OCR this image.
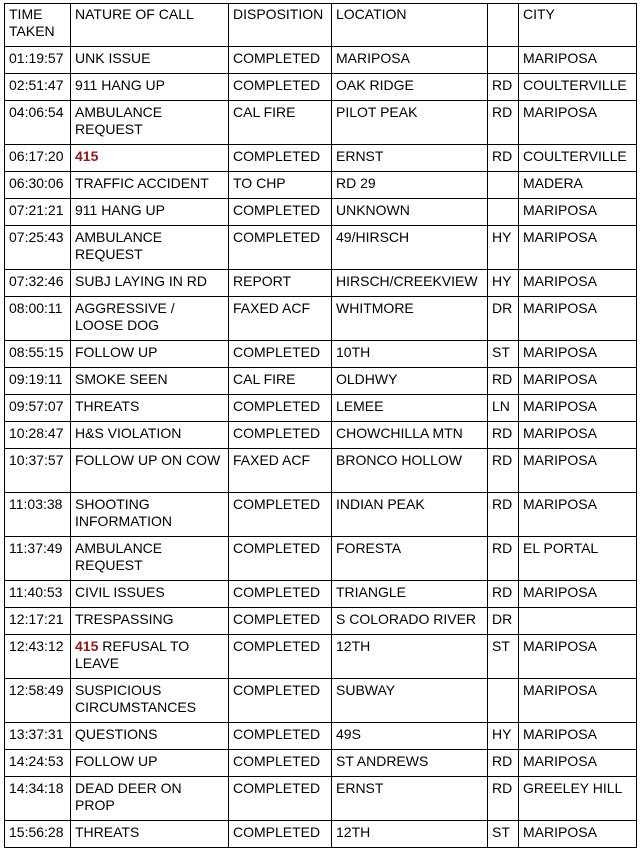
TIME TAKEN	NATURE OF CALL	DISPOSITION	LOCATION		CITY
01:19:57	UNK ISSUE	COMPLETED	MARIPOSA		MARIPOSA
02:51:47	911 HANG UP	COMPLETED	OAK RIDGE	RD	COULTERVILLE
04:06:54	AMBULANCE REQUEST	CAL FIRE	PILOT PEAK	RD	MARIPOSA
06:17:20	415	COMPLETED	ERNST	RD	COULTERVILLE
06:30:06	TRAFFIC ACCIDENT	TO CHP	RD 29		MADERA
07:21:21	911 HANG UP	COMPLETED	UNKNOWN		MARIPOSA
07:25:43	AMBULANCE REQUEST	COMPLETED	49/HIRSCH	HY	MARIPOSA
07:32:46	SUBJ LAYING IN RD	REPORT	HIRSCH/CREEKVIEW	HY	MARIPOSA
08:00:11	AGGRESSIVE / LOOSE DOG	FAXED ACF	WHITMORE	DR	MARIPOSA
08:55:15	FOLLOW UP	COMPLETED	10TH	ST	MARIPOSA
09:19:11	SMOKE SEEN	CAL FIRE	OLDHWY	RD	MARIPOSA
09:57:07	THREATS	COMPLETED	LEMEE	LN	MARIPOSA
10:28:47	H&S VIOLATION	COMPLETED	CHOWCHILLA MTN	RD	MARIPOSA
10:37:57	FOLLOW UP ON COW	FAXED ACF	BRONCO HOLLOW	RD	MARIPOSA
11:03:38	SHOOTING INFORMATION	COMPLETED	INDIAN PEAK	RD	MARIPOSA
11:37:49	AMBULANCE REQUEST	COMPLETED	FORESTA	RD	EL PORTAL
11:40:53	CIVIL ISSUES	COMPLETED	TRIANGLE	RD	MARIPOSA
12:17:21	TRESPASSING	COMPLETED	S COLORADO RIVER	DR	
12:43:12	415 REFUSAL TO LEAVE	COMPLETED	12TH	ST	MARIPOSA
12:58:49	SUSPICIOUS CIRCUMSTANCES	COMPLETED	SUBWAY		MARIPOSA
13:37:31	QUESTIONS	COMPLETED	49S	HY	MARIPOSA
14:24:53	FOLLOW UP	COMPLETED	ST ANDREWS	RD	MARIPOSA
14:34:18	DEAD DEER ON PROP	COMPLETED	ERNST	RD	GREELEY HILL
15:56:28	THREATS	COMPLETED	12TH	ST	MARIPOSA
